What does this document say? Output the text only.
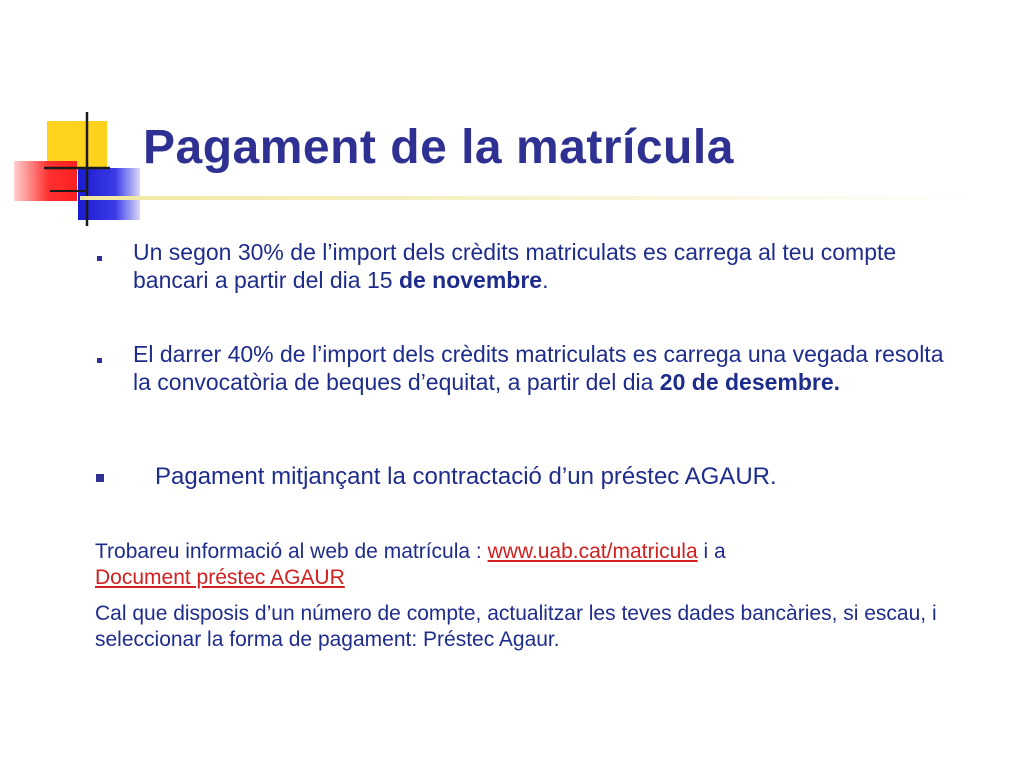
Pagament de la matrícula
Un segon 30% de l’import dels crèdits matriculats es carrega al teu compte bancari a partir del dia 15 de novembre.
El darrer 40% de l’import dels crèdits matriculats es carrega una vegada resolta la convocatòria de beques d’equitat, a partir del dia 20 de desembre.
Pagament mitjançant la contractació d’un préstec AGAUR.
Trobareu informació al web de matrícula : www.uab.cat/matricula i a
Document préstec AGAUR
Cal que disposis d’un número de compte, actualitzar les teves dades bancàries, si escau, i seleccionar la forma de pagament: Préstec Agaur.
